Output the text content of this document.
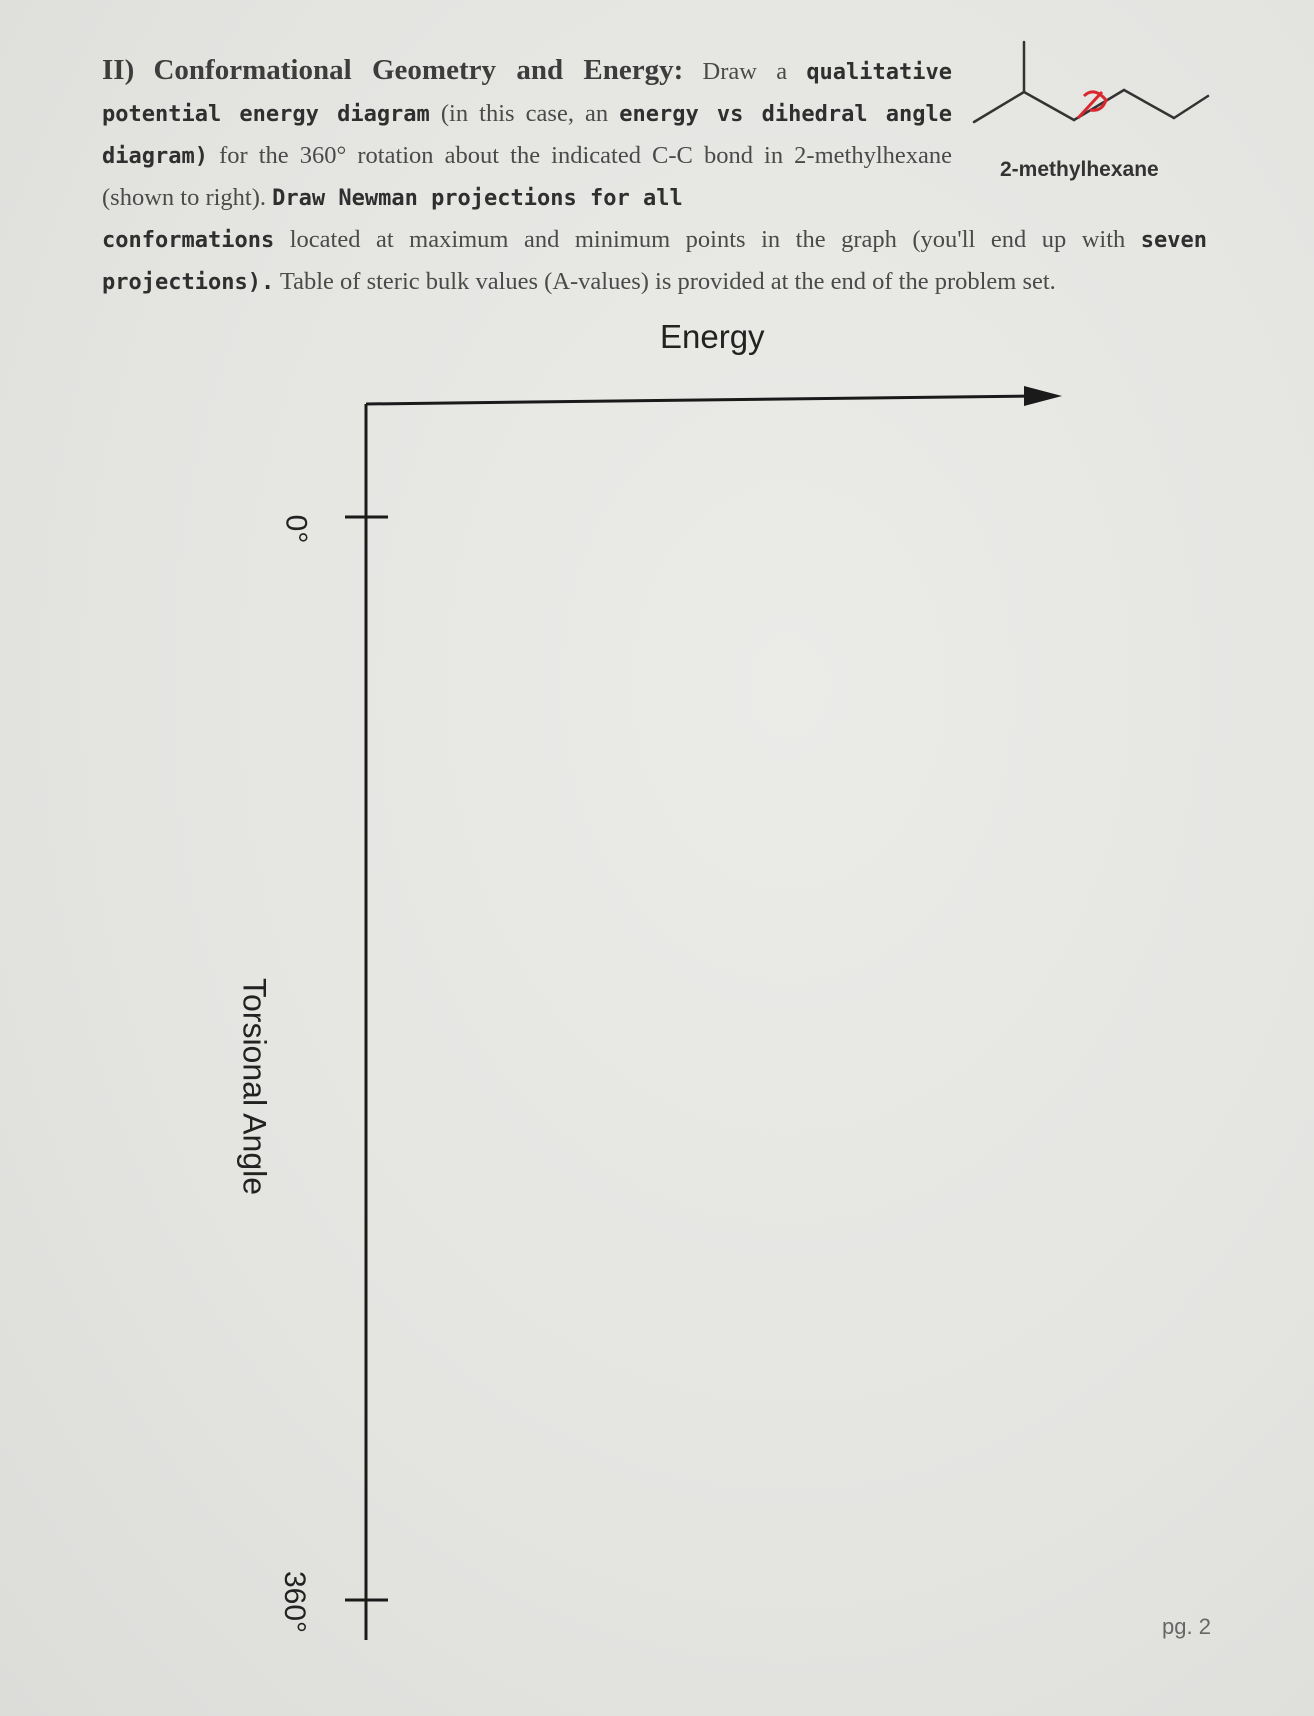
II) Conformational Geometry and Energy: Draw a qualitative potential energy diagram (in this case, an energy vs dihedral angle diagram) for the 360° rotation about the indicated C-C bond in 2-methylhexane (shown to right). Draw Newman projections for all
conformations located at maximum and minimum points in the graph (you'll end up with seven projections). Table of steric bulk values (A-values) is provided at the end of the problem set.
2-methylhexane
Energy
0°
360°
Torsional Angle
pg. 2
